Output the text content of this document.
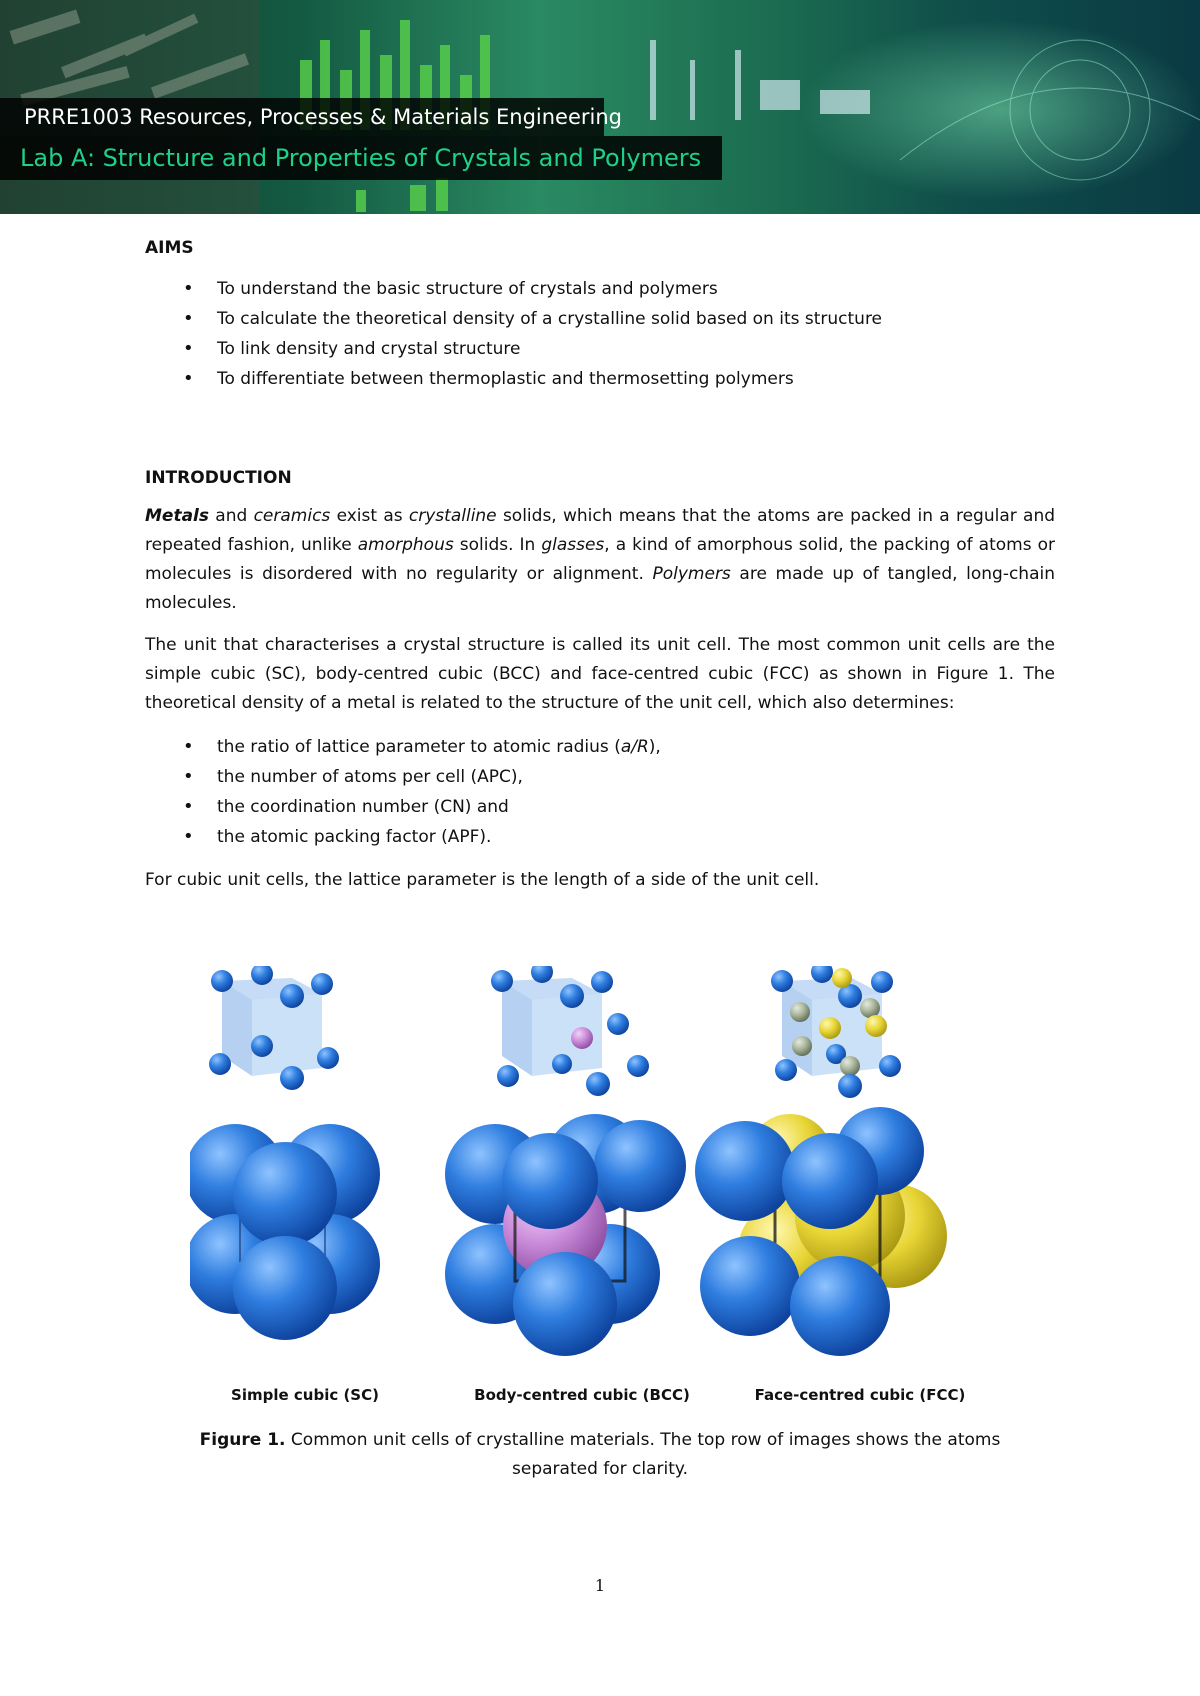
PRRE1003 Resources, Processes & Materials Engineering
Lab A: Structure and Properties of Crystals and Polymers
AIMS
• To understand the basic structure of crystals and polymers
• To calculate the theoretical density of a crystalline solid based on its structure
• To link density and crystal structure
• To differentiate between thermoplastic and thermosetting polymers
INTRODUCTION

Metals and ceramics exist as crystalline solids, which means that the atoms are packed in a regular and repeated fashion, unlike amorphous solids. In glasses, a kind of amorphous solid, the packing of atoms or molecules is disordered with no regularity or alignment. Polymers are made up of tangled, long-chain molecules.

The unit that characterises a crystal structure is called its unit cell. The most common unit cells are the simple cubic (SC), body-centred cubic (BCC) and face-centred cubic (FCC) as shown in Figure 1. The theoretical density of a metal is related to the structure of the unit cell, which also determines:

• the ratio of lattice parameter to atomic radius (a/R),
• the number of atoms per cell (APC),
• the coordination number (CN) and
• the atomic packing factor (APF).

For cubic unit cells, the lattice parameter is the length of a side of the unit cell.

Simple cubic (SC)	Body-centred cubic (BCC)	Face-centred cubic (FCC)
Figure 1. Common unit cells of crystalline materials. The top row of images shows the atoms separated for clarity.
1
